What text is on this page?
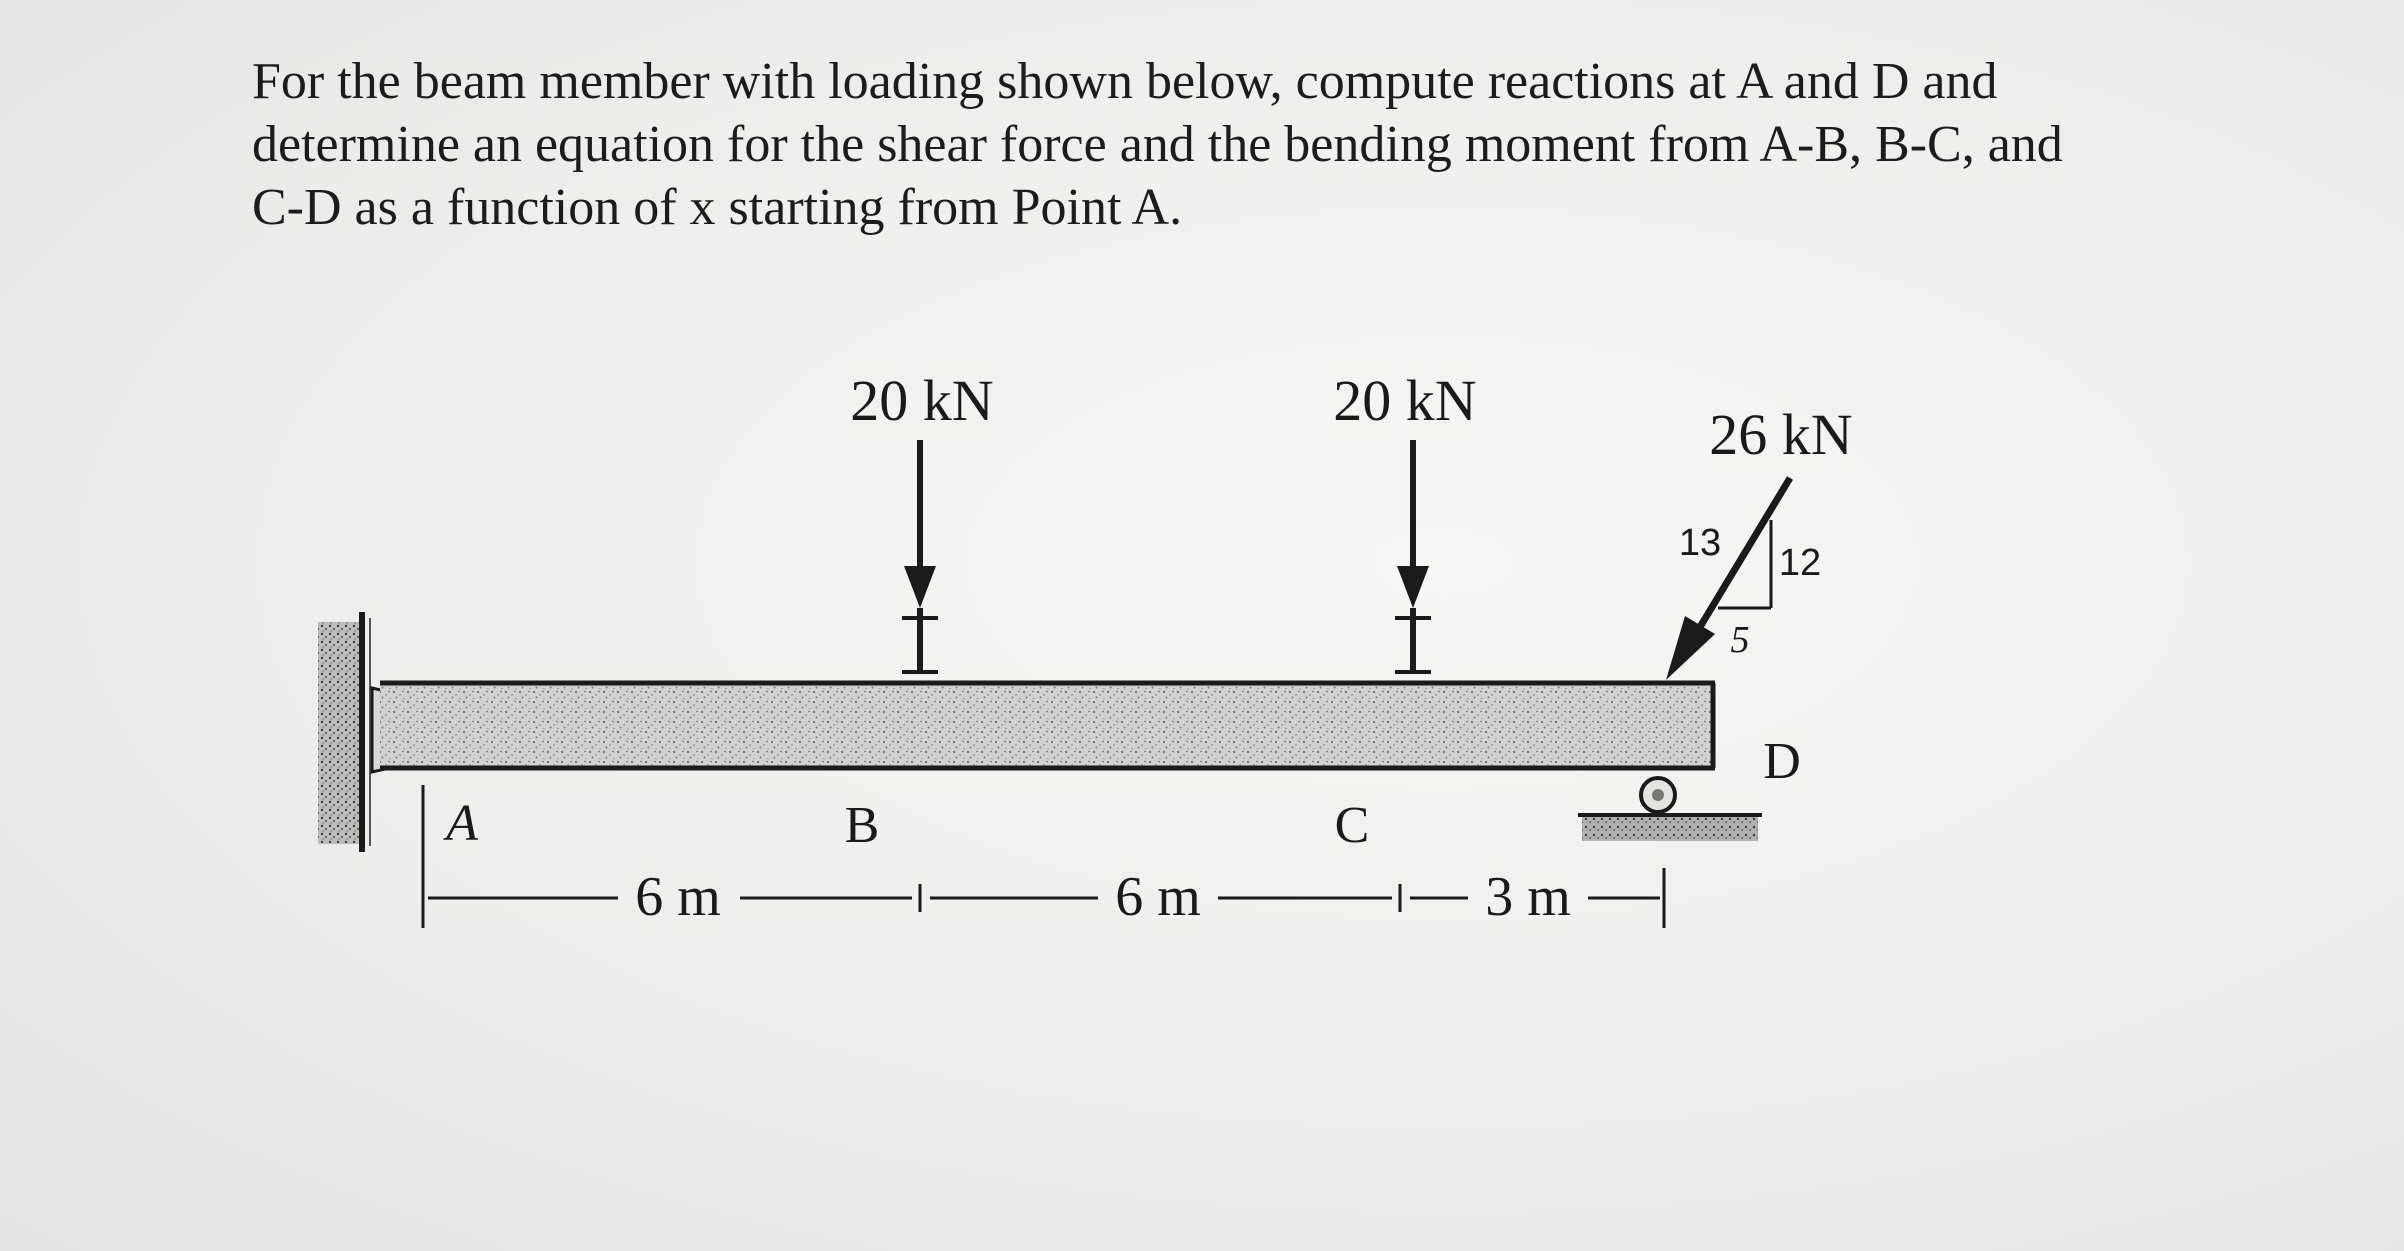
For the beam member with loading shown below, compute reactions at A and D and
determine an equation for the shear force and the bending moment from A-B, B-C, and
C-D as a function of x starting from Point A.
20 kN	20 kN
26 kN
13 12
5
A	B	C
D
6 m	6 m	3 m
